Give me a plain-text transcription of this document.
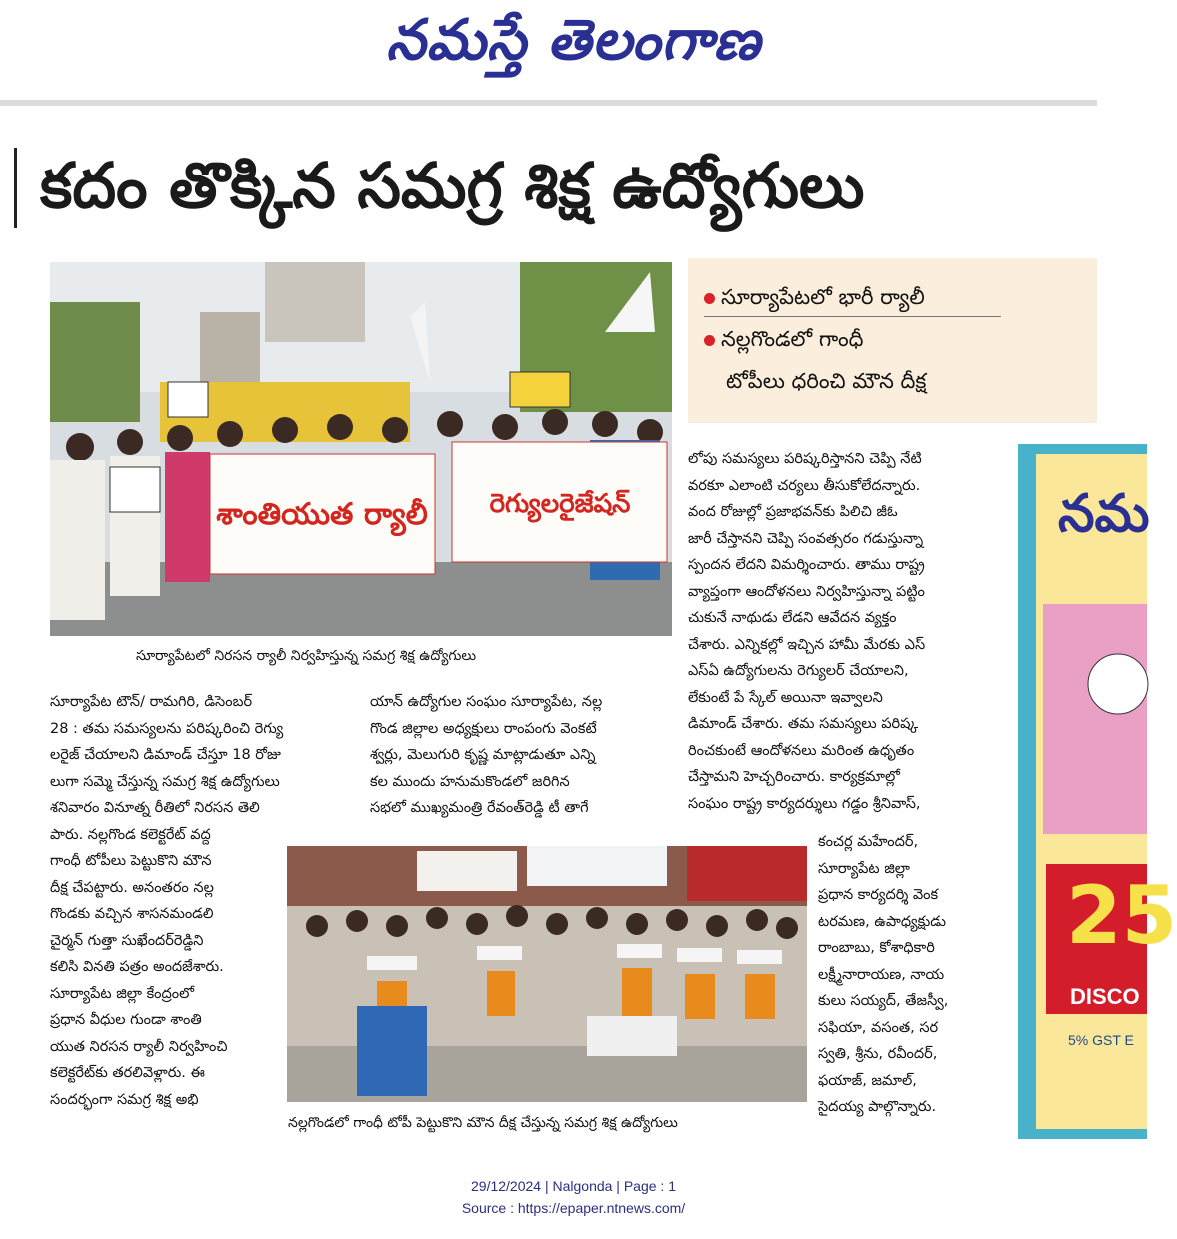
నమస్తే తెలంగాణ
కదం తొక్కిన సమగ్ర శిక్ష ఉద్యోగులు
శాంతియుత ర్యాలీ రెగ్యులరైజేషన్
సూర్యాపేటలో నిరసన ర్యాలీ నిర్వహిస్తున్న సమగ్ర శిక్ష ఉద్యోగులు
సూర్యాపేటలో భారీ ర్యాలీ
నల్లగొండలో గాంధీ
టోపీలు ధరించి మౌన దీక్ష

సూర్యాపేట టౌన్‌/ రామగిరి, డిసెంబర్‌

28 : తమ సమస్యలను పరిష్కరించి రెగ్యు

లరైజ్‌ చేయాలని డిమాండ్‌ చేస్తూ 18 రోజు

లుగా సమ్మె చేస్తున్న సమగ్ర శిక్ష ఉద్యోగులు

శనివారం వినూత్న రీతిలో నిరసన తెలి

పారు. నల్లగొండ కలెక్టరేట్‌ వద్ద

గాంధీ టోపీలు పెట్టుకొని మౌన

దీక్ష చేపట్టారు. అనంతరం నల్ల

గొండకు వచ్చిన శాసనమండలి

చైర్మన్‌ గుత్తా సుఖేందర్‌రెడ్డిని

కలిసి వినతి పత్రం అందజేశారు.

సూర్యాపేట జిల్లా కేంద్రంలో

ప్రధాన వీధుల గుండా శాంతి

యుత నిరసన ర్యాలీ నిర్వహించి

కలెక్టరేట్‌కు తరలివెళ్లారు. ఈ

సందర్భంగా సమగ్ర శిక్ష అభి

యాన్‌ ఉద్యోగుల సంఘం సూర్యాపేట, నల్ల

గొండ జిల్లాల అధ్యక్షులు రాంపంగు వెంకటే

శ్వర్లు, మెలుగురి కృష్ణ మాట్లాడుతూ ఎన్ని

కల ముందు హనుమకొండలో జరిగిన

సభలో ముఖ్యమంత్రి రేవంత్‌రెడ్డి టీ తాగే

లోపు సమస్యలు పరిష్కరిస్తానని చెప్పి నేటి

వరకూ ఎలాంటి చర్యలు తీసుకోలేదన్నారు.

వంద రోజుల్లో ప్రజాభవన్‌కు పిలిచి జీఓ

జారీ చేస్తానని చెప్పి సంవత్సరం గడుస్తున్నా

స్పందన లేదని విమర్శించారు. తాము రాష్ట్ర

వ్యాప్తంగా ఆందోళనలు నిర్వహిస్తున్నా పట్టిం

చుకునే నాథుడు లేడని ఆవేదన వ్యక్తం

చేశారు. ఎన్నికల్లో ఇచ్చిన హామీ మేరకు ఎస్‌

ఎస్‌ఏ ఉద్యోగులను రెగ్యులర్‌ చేయాలని,

లేకుంటే పే స్కేల్‌ అయినా ఇవ్వాలని

డిమాండ్‌ చేశారు. తమ సమస్యలు పరిష్క

రించకుంటే ఆందోళనలు మరింత ఉధృతం

చేస్తామని హెచ్చరించారు. కార్యక్రమాల్లో

సంఘం రాష్ట్ర కార్యదర్శులు గడ్డం శ్రీనివాస్‌,

కంచర్ల మహేందర్‌,

సూర్యాపేట జిల్లా

ప్రధాన కార్యదర్శి వెంక

టరమణ, ఉపాధ్యక్షుడు

రాంబాబు, కోశాధికారి

లక్ష్మీనారాయణ, నాయ

కులు సయ్యద్‌, తేజస్వీ,

సఫియా, వసంత, సర

స్వతి, శ్రీను, రవీందర్‌,

ఫయాజ్‌, జమాల్‌,

సైదయ్య పాల్గొన్నారు.

నల్లగొండలో గాంధీ టోపీ పెట్టుకొని మౌన దీక్ష చేస్తున్న సమగ్ర శిక్ష ఉద్యోగులు
నమ
25
DISCO
5% GST E
29/12/2024 | Nalgonda | Page : 1
Source : https://epaper.ntnews.com/
